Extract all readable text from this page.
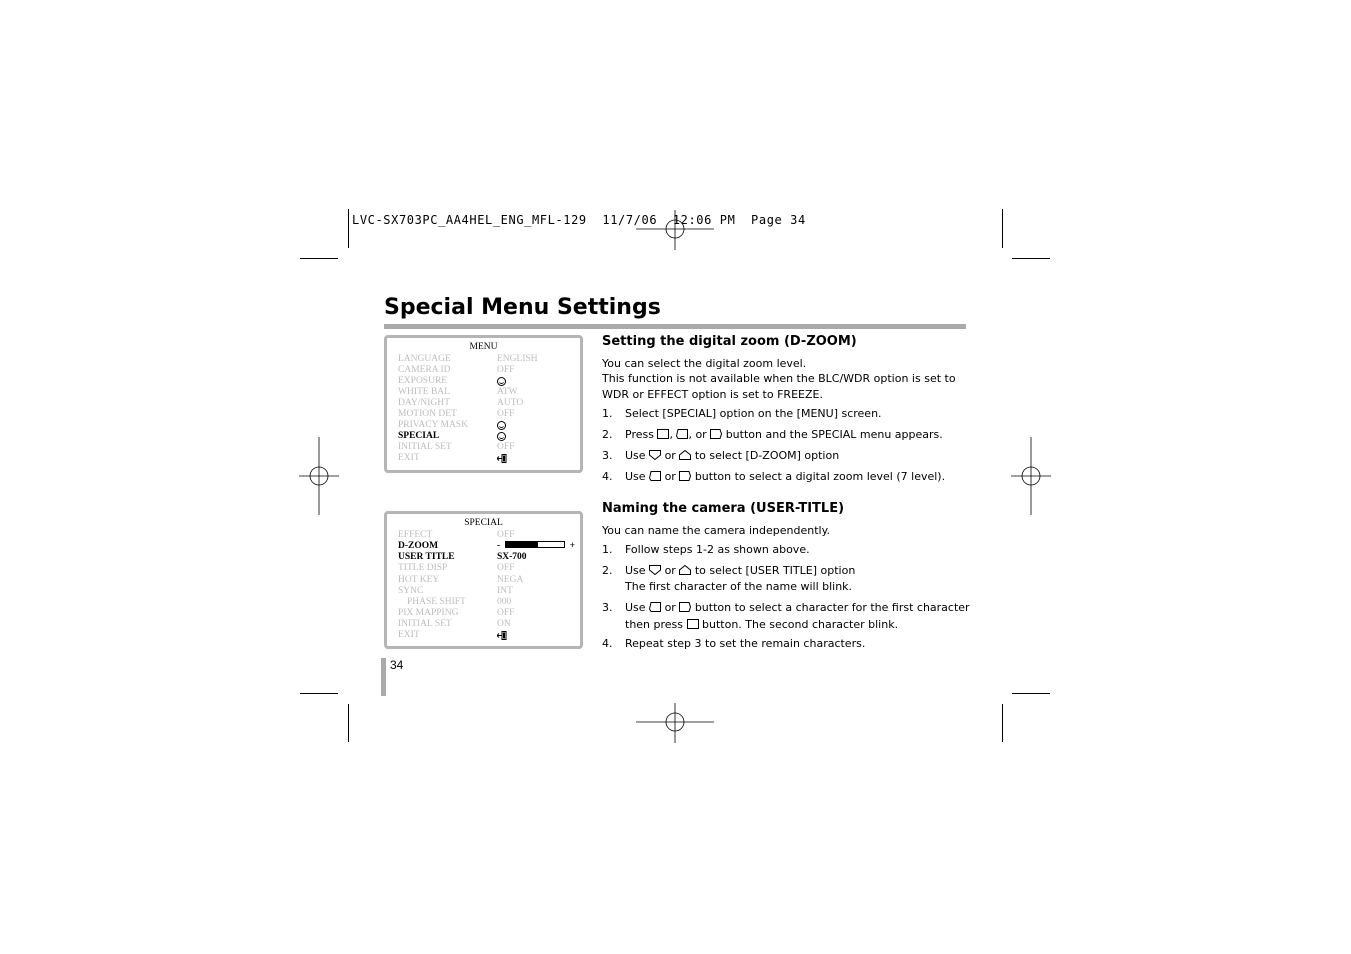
LVC-SX703PC_AA4HEL_ENG_MFL-129  11/7/06  12:06 PM  Page 34
Special Menu Settings
MENU
LANGUAGE	ENGLISH
CAMERA ID	OFF
EXPOSURE
WHITE BAL	ATW
DAY/NIGHT	AUTO
MOTION DET	OFF
PRIVACY MASK
SPECIAL
INITIAL SET	OFF
EXIT
SPECIAL
EFFECT	OFF
D-ZOOM	-	+
USER TITLE	SX-700
TITLE DISP	OFF
HOT KEY	NEGA
SYNC	INT
PHASE SHIFT	000
PIX MAPPING	OFF
INITIAL SET	ON
EXIT
Setting the digital zoom (D-ZOOM)
You can select the digital zoom level.
This function is not available when the BLC/WDR option is set to
WDR or EFFECT option is set to FREEZE.
1. Select [SPECIAL] option on the [MENU] screen.
2. Press , , or button and the SPECIAL menu appears.
3. Use or to select [D-ZOOM] option
4. Use or button to select a digital zoom level (7 level).
Naming the camera (USER-TITLE)
You can name the camera independently.
1. Follow steps 1-2 as shown above.
2. Use or to select [USER TITLE] option
The first character of the name will blink.
3. Use or button to select a character for the first character
then press button. The second character blink.
4. Repeat step 3 to set the remain characters.
34
